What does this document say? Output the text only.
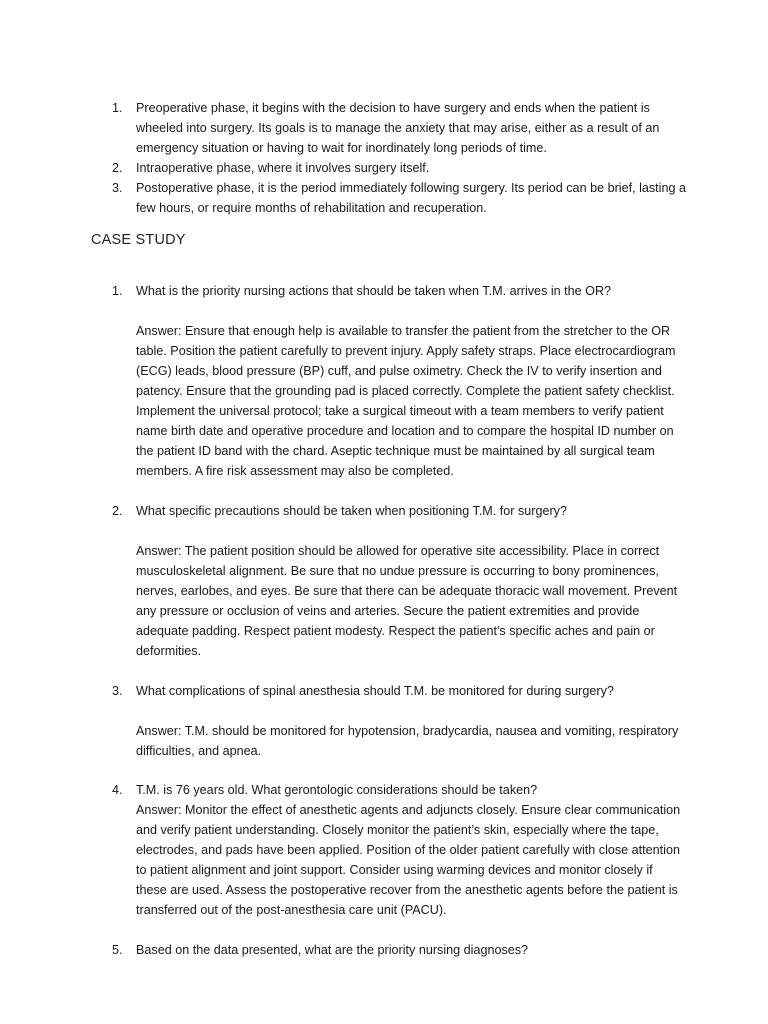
1. Preoperative phase, it begins with the decision to have surgery and ends when the patient is wheeled into surgery. Its goals is to manage the anxiety that may arise, either as a result of an emergency situation or having to wait for inordinately long periods of time.
2. Intraoperative phase, where it involves surgery itself.
3. Postoperative phase, it is the period immediately following surgery. Its period can be brief, lasting a few hours, or require months of rehabilitation and recuperation.
CASE STUDY
1. What is the priority nursing actions that should be taken when T.M. arrives in the OR?
Answer: Ensure that enough help is available to transfer the patient from the stretcher to the OR table. Position the patient carefully to prevent injury. Apply safety straps. Place electrocardiogram (ECG) leads, blood pressure (BP) cuff, and pulse oximetry. Check the IV to verify insertion and patency. Ensure that the grounding pad is placed correctly. Complete the patient safety checklist. Implement the universal protocol; take a surgical timeout with a team members to verify patient name birth date and operative procedure and location and to compare the hospital ID number on the patient ID band with the chard. Aseptic technique must be maintained by all surgical team members. A fire risk assessment may also be completed.
2. What specific precautions should be taken when positioning T.M. for surgery?
Answer: The patient position should be allowed for operative site accessibility. Place in correct musculoskeletal alignment. Be sure that no undue pressure is occurring to bony prominences, nerves, earlobes, and eyes. Be sure that there can be adequate thoracic wall movement. Prevent any pressure or occlusion of veins and arteries. Secure the patient extremities and provide adequate padding. Respect patient modesty. Respect the patient's specific aches and pain or deformities.
3. What complications of spinal anesthesia should T.M. be monitored for during surgery?
Answer: T.M. should be monitored for hypotension, bradycardia, nausea and vomiting, respiratory difficulties, and apnea.
4. T.M. is 76 years old. What gerontologic considerations should be taken?
Answer: Monitor the effect of anesthetic agents and adjuncts closely. Ensure clear communication and verify patient understanding. Closely monitor the patient’s skin, especially where the tape, electrodes, and pads have been applied. Position of the older patient carefully with close attention to patient alignment and joint support. Consider using warming devices and monitor closely if these are used. Assess the postoperative recover from the anesthetic agents before the patient is transferred out of the post-anesthesia care unit (PACU).
5. Based on the data presented, what are the priority nursing diagnoses?
